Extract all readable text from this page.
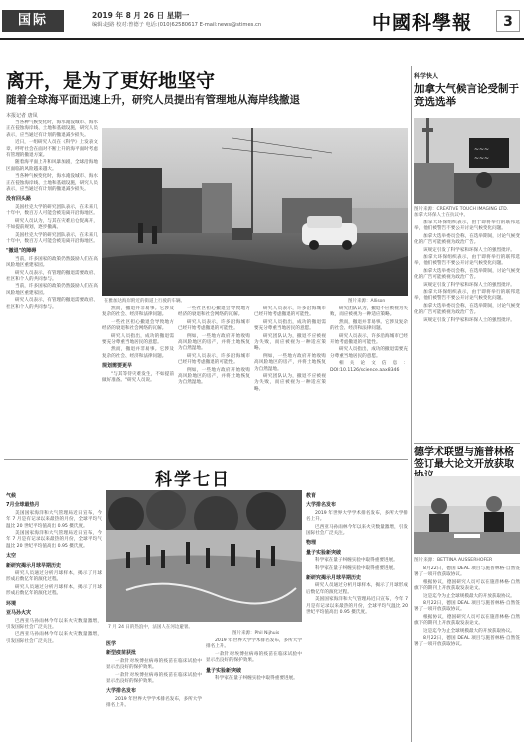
国际	2019 年 8 月 26 日 星期一
编辑:赵路 校对:曾德子 电话:(010)62580617 E-mail:news@stimes.cn	中國科學報	3
离开，是为了更好地坚守
随着全球海平面迅速上升，研究人员提出有管理地从海岸线撤退
本报记者 唐凤

当各种气候变化时，海水淹没城市、海水正在侵蚀海岸线、土地和基础设施，研究人员表示，应当通过有计划的撤退减少损失。

近日，一组研究人员在《科学》上发表文章，呼吁社会在面对不断上升的海平面时考虑有管理的撤退方案。

随着海平面上升和风暴加剧，全球沿海地区面临的风险越来越大。

当各种气候变化时，海水淹没城市、海水正在侵蚀海岸线、土地和基础设施，研究人员表示，应当通过有计划的撤退减少损失。

没有回头路

美国杜克大学的研究团队表示，在未来几十年中，数百万人可能会被迫离开沿海地区。

研究人员认为，与其在灾难后仓促离开，不如提前规划，逐步撤离。

美国杜克大学的研究团队表示，在未来几十年中，数百万人可能会被迫离开沿海地区。

"撤退"的障碍

当前，许多国家的政策仍然鼓励人们在高风险地区重建家园。

研究人员表示，有管理的撤退需要政府、社区和个人的共同参与。

当前，许多国家的政策仍然鼓励人们在高风险地区重建家园。

研究人员表示，有管理的撤退需要政府、社区和个人的共同参与。

在雅加达海岸附近的街道上行驶的车辆。	图片来源：Allison

然而，撤退并非易事。它涉及复杂的社会、经济和法律问题。

一些社区担心撤退会导致地方经济的衰退和社会网络的瓦解。

研究人员指出，成功的撤退需要充分尊重当地居民的意愿。

然而，撤退并非易事。它涉及复杂的社会、经济和法律问题。

规划需要更早

"与其等待灾难发生，不如提前做好准备。"研究人员说。

一些社区担心撤退会导致地方经济的衰退和社会网络的瓦解。

研究人员表示，许多沿海城市已经开始考虑撤退的可能性。

例如，一些地方政府开始收购高风险地区的房产，并将土地恢复为自然湿地。

研究人员表示，许多沿海城市已经开始考虑撤退的可能性。

例如，一些地方政府开始收购高风险地区的房产，并将土地恢复为自然湿地。

研究人员表示，许多沿海城市已经开始考虑撤退的可能性。

研究人员指出，成功的撤退需要充分尊重当地居民的意愿。

研究团队认为，撤退不应被视为失败，而应被视为一种适应策略。

例如，一些地方政府开始收购高风险地区的房产，并将土地恢复为自然湿地。

研究团队认为，撤退不应被视为失败，而应被视为一种适应策略。

研究团队认为，撤退不应被视为失败，而应被视为一种适应策略。

然而，撤退并非易事。它涉及复杂的社会、经济和法律问题。

研究人员表示，许多沿海城市已经开始考虑撤退的可能性。

研究人员指出，成功的撤退需要充分尊重当地居民的意愿。

相关论文信息：DOI:10.1126/science.aax8346

科学七日
气候
7月全球最热月

美国国家海洋和大气管理局近日宣布，今年 7 月是有记录以来最热的月份，全球平均气温比 20 世纪平均值高出 0.95 摄氏度。

美国国家海洋和大气管理局近日宣布，今年 7 月是有记录以来最热的月份，全球平均气温比 20 世纪平均值高出 0.95 摄氏度。

太空
新研究揭示月球早期历史

研究人员通过分析月球样本，揭示了月球形成后数亿年的演化过程。

研究人员通过分析月球样本，揭示了月球形成后数亿年的演化过程。

环境
亚马孙火灾

巴西亚马孙雨林今年以来火灾数量激增，引发国际社会广泛关注。

巴西亚马孙雨林今年以来火灾数量激增，引发国际社会广泛关注。

7 月 24 日的热浪中，法国人在河边避暑。
图片来源：Phil Nijhuis
医学
新型疫苗获批

一款针对埃博拉病毒的疫苗在临床试验中显示出良好的保护效果。

一款针对埃博拉病毒的疫苗在临床试验中显示出良好的保护效果。

大学排名发布

2019 年世界大学学术排名发布，多所大学排名上升。

2019 年世界大学学术排名发布，多所大学排名上升。

一款针对埃博拉病毒的疫苗在临床试验中显示出良好的保护效果。

量子实验新突破

科学家在量子纠缠实验中取得重要进展。

教育
大学排名发布

2019 年世界大学学术排名发布，多所大学排名上升。

巴西亚马孙雨林今年以来火灾数量激增，引发国际社会广泛关注。

物理
量子实验新突破

科学家在量子纠缠实验中取得重要进展。

科学家在量子纠缠实验中取得重要进展。

新研究揭示月球早期历史

研究人员通过分析月球样本，揭示了月球形成后数亿年的演化过程。

美国国家海洋和大气管理局近日宣布，今年 7 月是有记录以来最热的月份，全球平均气温比 20 世纪平均值高出 0.95 摄氏度。

科学快人
加拿大气候言论受制于竞选选举
~~~
~~~
图片来源：CREATIVE TOUCH IMAGING LTD.
加拿大环保人士在抗议中。

加拿大环保组织表示，由于即将举行的联邦选举，他们被警告不要公开讨论气候变化问题。

加拿大选举委员会称，在选举期间，讨论气候变化的广告可能被视为政治广告。

该规定引发了科学家和环保人士的强烈批评。

加拿大环保组织表示，由于即将举行的联邦选举，他们被警告不要公开讨论气候变化问题。

加拿大选举委员会称，在选举期间，讨论气候变化的广告可能被视为政治广告。

该规定引发了科学家和环保人士的强烈批评。

加拿大环保组织表示，由于即将举行的联邦选举，他们被警告不要公开讨论气候变化问题。

加拿大选举委员会称，在选举期间，讨论气候变化的广告可能被视为政治广告。

该规定引发了科学家和环保人士的强烈批评。

德学术联盟与施普林格签订最大论文开放获取
图片来源：BETTINA AUSSERHOFER

8月22日，德国 DEAL 项目与施普林格·自然签署了一项开放获取协议。

根据协议，德国研究人员可以在施普林格·自然旗下的期刊上开放获取发表论文。

这是迄今为止全球规模最大的开放获取协议。

8月22日，德国 DEAL 项目与施普林格·自然签署了一项开放获取协议。

根据协议，德国研究人员可以在施普林格·自然旗下的期刊上开放获取发表论文。

这是迄今为止全球规模最大的开放获取协议。

8月22日，德国 DEAL 项目与施普林格·自然签署了一项开放获取协议。
